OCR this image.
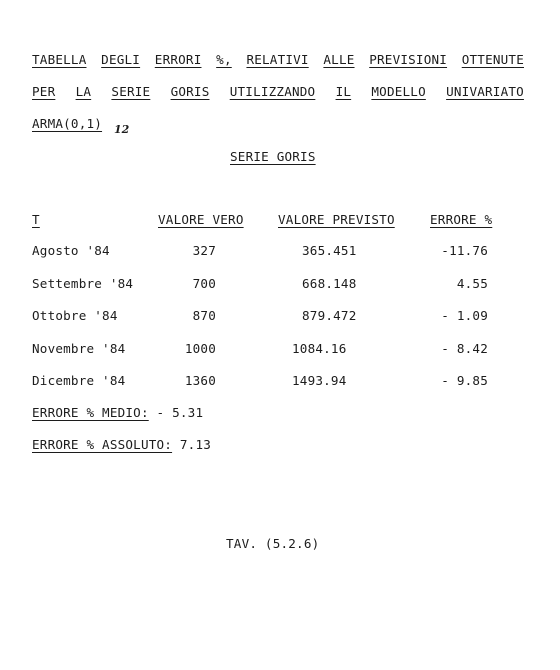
TABELLA DEGLI ERRORI %, RELATIVI ALLE PREVISIONI OTTENUTE
PER LA SERIE GORIS UTILIZZANDO IL MODELLO UNIVARIATO
ARMA(0,1) 12
SERIE GORIS
T	VALORE VERO	VALORE PREVISTO	ERRORE %
Agosto '84	327	365.451	-11.76
Settembre '84	700	668.148	4.55
Ottobre '84	870	879.472	- 1.09
Novembre '84	1000	1084.16	- 8.42
Dicembre '84	1360	1493.94	- 9.85
ERRORE % MEDIO: - 5.31
ERRORE % ASSOLUTO: 7.13
TAV. (5.2.6)
